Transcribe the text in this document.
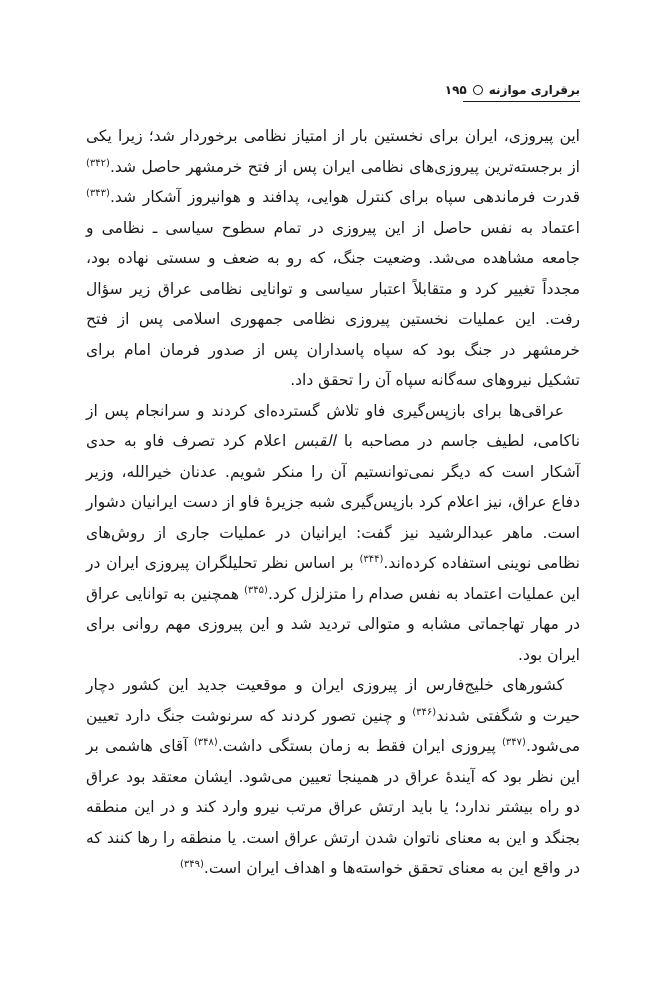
برقراری موازنه
۱۹۵

این پیروزی، ایران برای نخستین بار از امتیاز نظامی برخوردار شد؛ زیرا یکی از برجسته‌ترین پیروزی‌های نظامی ایران پس از فتح خرمشهر حاصل شد.$^{(۳۴۲)}$ قدرت فرماندهی سپاه برای کنترل هوایی، پدافند و هوانیروز آشکار شد.$^{(۳۴۳)}$ اعتماد به نفس حاصل از این پیروزی در تمام سطوح سیاسی ـ نظامی و جامعه مشاهده می‌شد. وضعیت جنگ، که رو به ضعف و سستی نهاده بود، مجدداً تغییر کرد و متقابلاً اعتبار سیاسی و توانایی نظامی عراق زیر سؤال رفت. این عملیات نخستین پیروزی نظامی جمهوری اسلامی پس از فتح خرمشهر در جنگ بود که سپاه پاسداران پس از صدور فرمان امام برای تشکیل نیروهای سه‌گانه سپاه آن را تحقق داد.

عراقی‌ها برای بازپس‌گیری فاو تلاش گسترده‌ای کردند و سرانجام پس از ناکامی، لطیف جاسم در مصاحبه با القبس اعلام کرد تصرف فاو به حدی آشکار است که دیگر نمی‌توانستیم آن را منکر شویم. عدنان خیرالله، وزیر دفاع عراق، نیز اعلام کرد بازپس‌گیری شبه جزیرهٔ فاو از دست ایرانیان دشوار است. ماهر عبدالرشید نیز گفت: ایرانیان در عملیات جاری از روش‌های نظامی نوینی استفاده کرده‌اند.$^{(۳۴۴)}$ بر اساس نظر تحلیلگران پیروزی ایران در این عملیات اعتماد به نفس صدام را متزلزل کرد.$^{(۳۴۵)}$ همچنین به توانایی عراق در مهار تهاجماتی مشابه و متوالی تردید شد و این پیروزی مهم روانی برای ایران بود.

کشورهای خلیج‌فارس از پیروزی ایران و موقعیت جدید این کشور دچار حیرت و شگفتی شدند$^{(۳۴۶)}$ و چنین تصور کردند که سرنوشت جنگ دارد تعیین می‌شود.$^{(۳۴۷)}$ پیروزی ایران فقط به زمان بستگی داشت.$^{(۳۴۸)}$ آقای هاشمی بر این نظر بود که آیندهٔ عراق در همینجا تعیین می‌شود. ایشان معتقد بود عراق دو راه بیشتر ندارد؛ یا باید ارتش عراق مرتب نیرو وارد کند و در این منطقه بجنگد و این به معنای ناتوان شدن ارتش عراق است. یا منطقه را رها کنند که در واقع این به معنای تحقق خواسته‌ها و اهداف ایران است.$^{(۳۴۹)}$
